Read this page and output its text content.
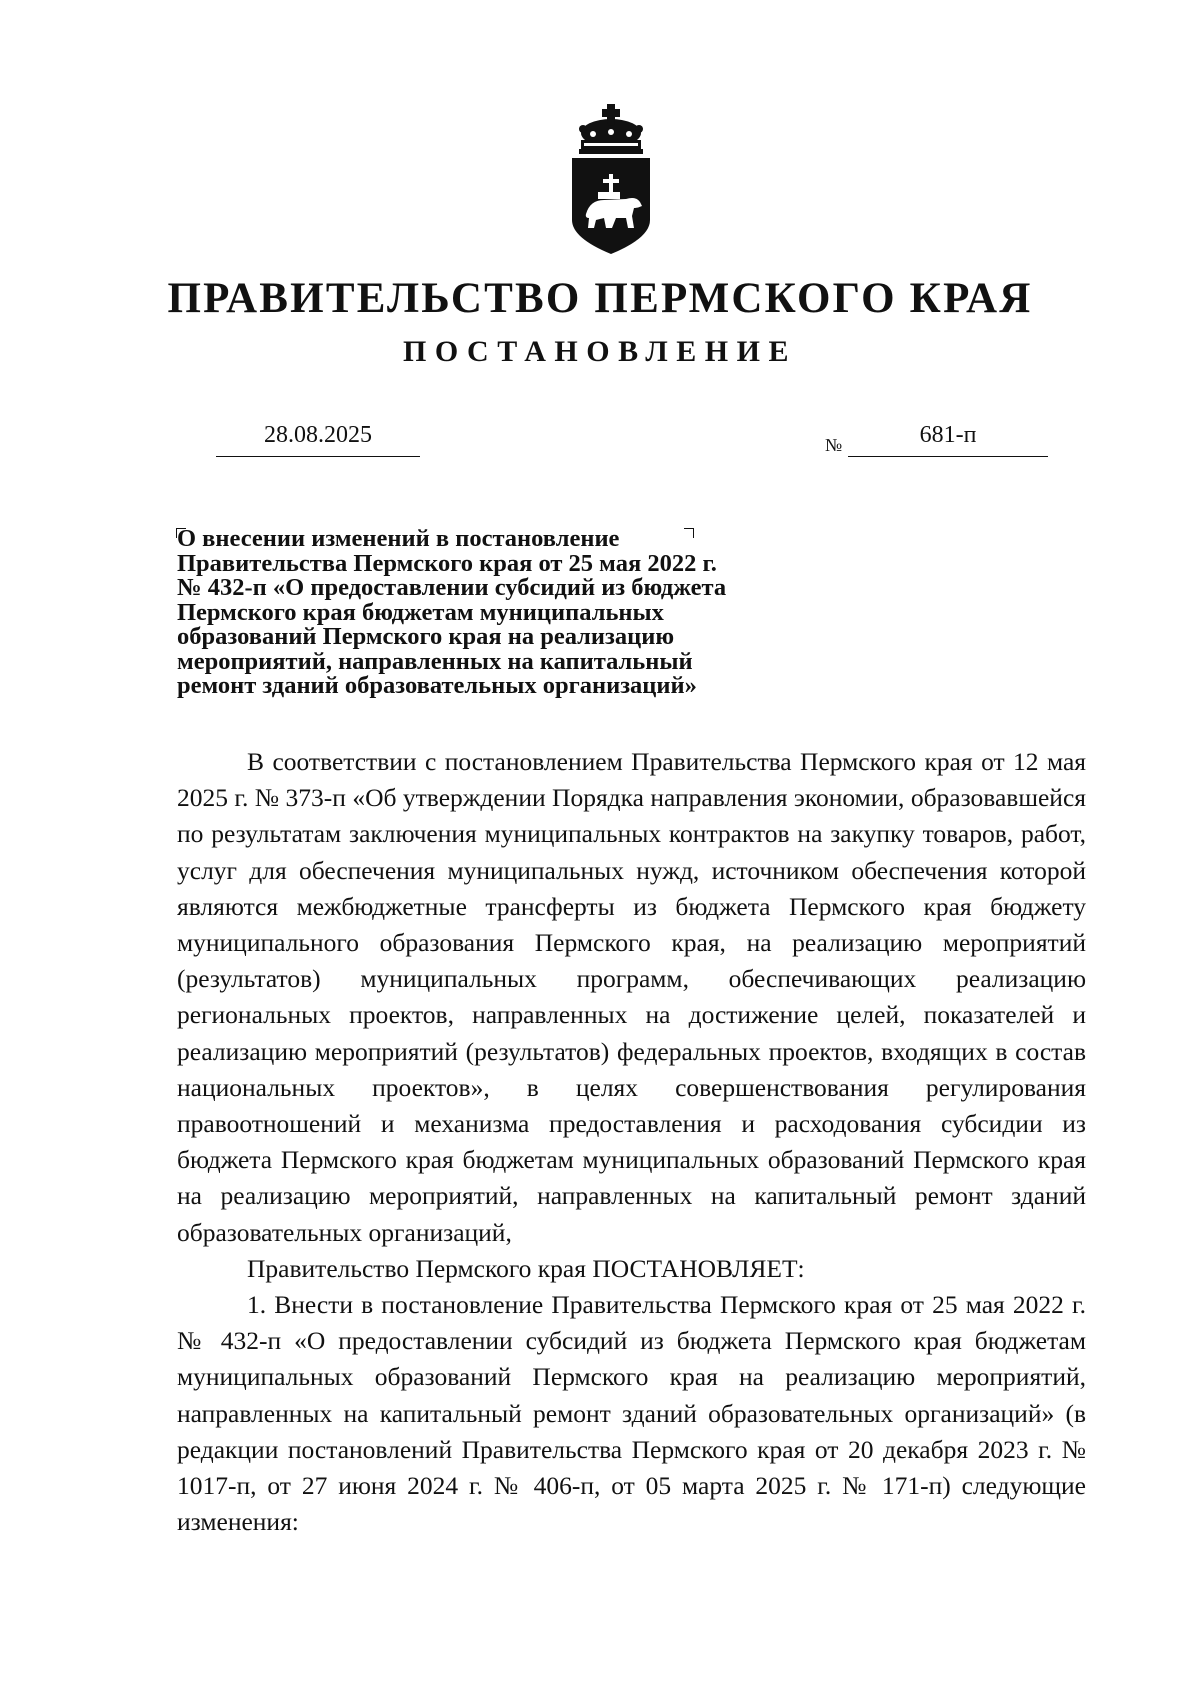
ПРАВИТЕЛЬСТВО ПЕРМСКОГО КРАЯ
ПОСТАНОВЛЕНИЕ
28.08.2025	№	681-п
О внесении изменений в постановление
Правительства Пермского края от 25 мая 2022 г.
№ 432-п «О предоставлении субсидий из бюджета
Пермского края бюджетам муниципальных
образований Пермского края на реализацию
мероприятий, направленных на капитальный
ремонт зданий образовательных организаций»

В соответствии с постановлением Правительства Пермского края от 12 мая 2025 г. № 373-п «Об утверждении Порядка направления экономии, образовавшейся по результатам заключения муниципальных контрактов на закупку товаров, работ, услуг для обеспечения муниципальных нужд, источником обеспечения которой являются межбюджетные трансферты из бюджета Пермского края бюджету муниципального образования Пермского края, на реализацию мероприятий (результатов) муниципальных программ, обеспечивающих реализацию региональных проектов, направленных на достижение целей, показателей и реализацию мероприятий (результатов) федеральных проектов, входящих в состав национальных проектов», в целях совершенствования регулирования правоотношений и механизма предоставления и расходования субсидии из бюджета Пермского края бюджетам муниципальных образований Пермского края на реализацию мероприятий, направленных на капитальный ремонт зданий образовательных организаций,

Правительство Пермского края ПОСТАНОВЛЯЕТ:

1. Внести в постановление Правительства Пермского края от 25 мая 2022 г. № 432-п «О предоставлении субсидий из бюджета Пермского края бюджетам муниципальных образований Пермского края на реализацию мероприятий, направленных на капитальный ремонт зданий образовательных организаций» (в редакции постановлений Правительства Пермского края от 20 декабря 2023 г. № 1017-п, от 27 июня 2024 г. № 406-п, от 05 марта 2025 г. № 171-п) следующие изменения:
